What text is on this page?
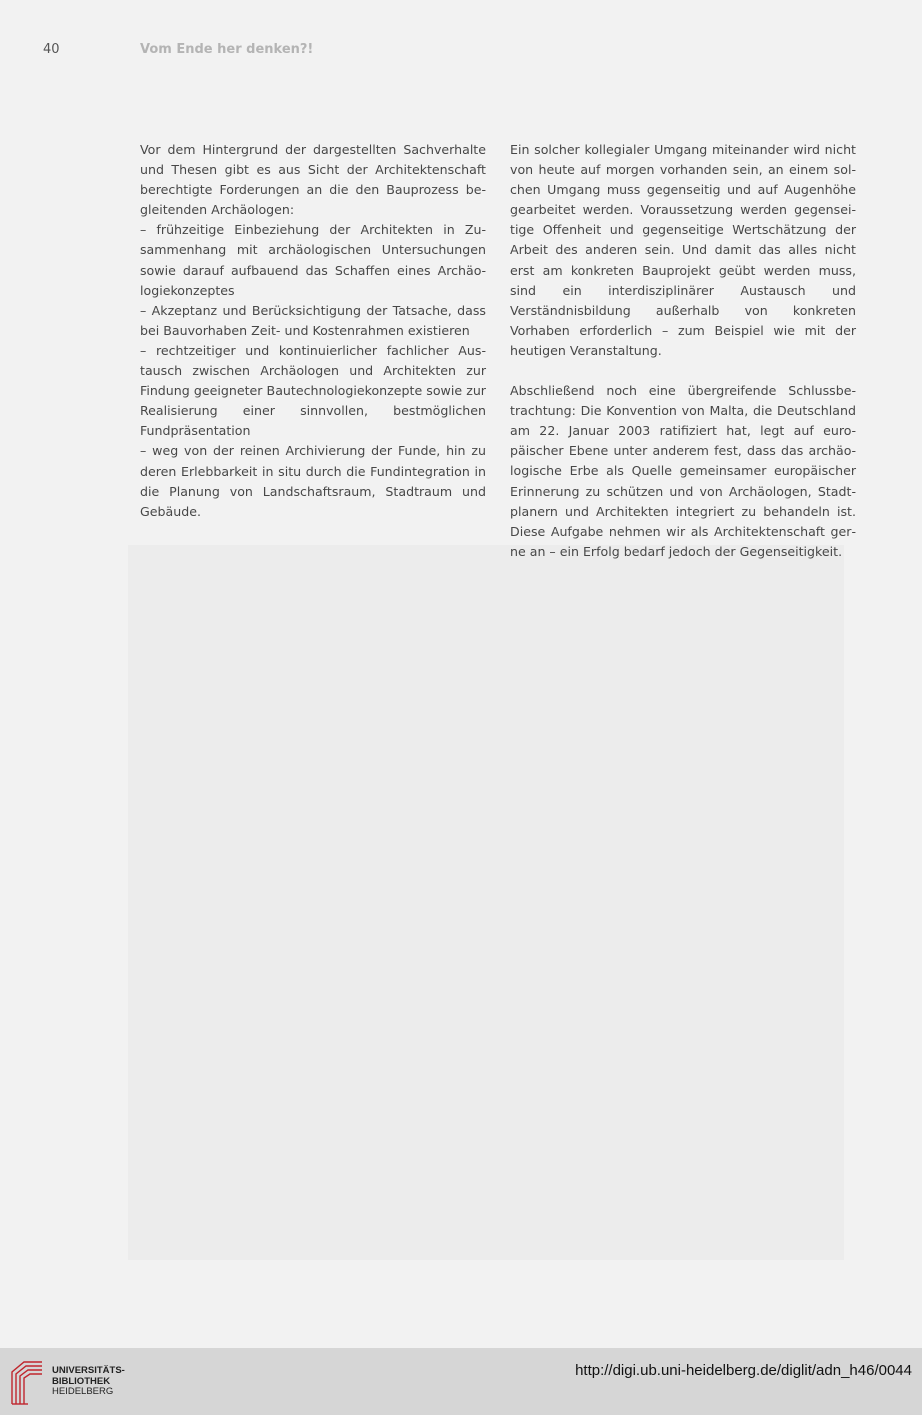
40	Vom Ende her denken?!

Vor dem Hintergrund der dargestellten Sachverhalte und Thesen gibt es aus Sicht der Architektenschaft berechtigte Forderungen an die den Bauprozess begleitenden Archäologen:

– frühzeitige Einbeziehung der Architekten in Zusammenhang mit archäologischen Untersuchungen sowie darauf aufbauend das Schaffen eines Archäologiekonzeptes

– Akzeptanz und Berücksichtigung der Tatsache, dass bei Bauvorhaben Zeit- und Kostenrahmen existieren

– rechtzeitiger und kontinuierlicher fachlicher Austausch zwischen Archäologen und Architekten zur Findung geeigneter Bautechnologiekonzepte sowie zur Realisierung einer sinnvollen, bestmöglichen Fundpräsentation

– weg von der reinen Archivierung der Funde, hin zu deren Erlebbarkeit in situ durch die Fundintegration in die Planung von Landschaftsraum, Stadtraum und Gebäude.

Ein solcher kollegialer Umgang miteinander wird nicht von heute auf morgen vorhanden sein, an einem solchen Umgang muss gegenseitig und auf Augenhöhe gearbeitet werden. Voraussetzung werden gegenseitige Offenheit und gegenseitige Wertschätzung der Arbeit des anderen sein. Und damit das alles nicht erst am konkreten Bauprojekt geübt werden muss, sind ein interdisziplinärer Austausch und Verständnisbildung außerhalb von konkreten Vorhaben erforderlich – zum Beispiel wie mit der heutigen Veranstaltung.

Abschließend noch eine übergreifende Schlussbetrachtung: Die Konvention von Malta, die Deutschland am 22. Januar 2003 ratifiziert hat, legt auf europäischer Ebene unter anderem fest, dass das archäologische Erbe als Quelle gemeinsamer europäischer Erinnerung zu schützen und von Archäologen, Stadtplanern und Architekten integriert zu behandeln ist. Diese Aufgabe nehmen wir als Architektenschaft gerne an – ein Erfolg bedarf jedoch der Gegenseitigkeit.

UNIVERSITÄTS-
BIBLIOTHEK
HEIDELBERG
http://digi.ub.uni-heidelberg.de/diglit/adn_h46/0044
